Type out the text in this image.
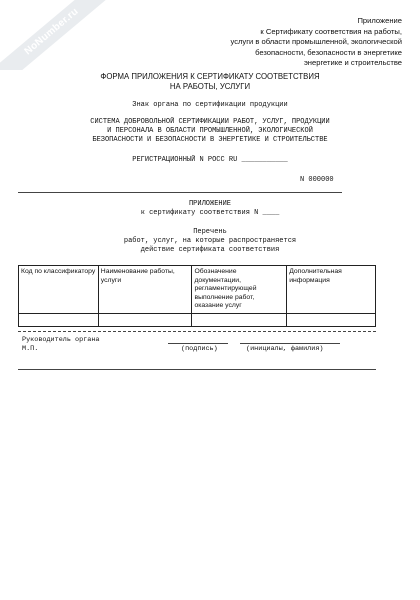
NoNumber.ru	Приложение
к Сертификату соответствия на работы,
услуги в области промышленной, экологической
безопасности, безопасности в энергетике
энергетике и строительстве
ФОРМА ПРИЛОЖЕНИЯ К СЕРТИФИКАТУ СООТВЕТСТВИЯ
НА РАБОТЫ, УСЛУГИ
Знак органа по сертификации продукции
СИСТЕМА ДОБРОВОЛЬНОЙ СЕРТИФИКАЦИИ РАБОТ, УСЛУГ, ПРОДУКЦИИ
И ПЕРСОНАЛА В ОБЛАСТИ ПРОМЫШЛЕННОЙ, ЭКОЛОГИЧЕСКОЙ
БЕЗОПАСНОСТИ И БЕЗОПАСНОСТИ В ЭНЕРГЕТИКЕ И СТРОИТЕЛЬСТВЕ
РЕГИСТРАЦИОННЫЙ N РОСС RU ___________
N 000000
ПРИЛОЖЕНИЕ
к сертификату соответствия N ____
Перечень
работ, услуг, на которые распространяется
действие сертификата соответствия
Код по классификатору	Наименование работы, услуги	Обозначение документации, регламентирующей выполнение работ, оказание услуг	Дополнительная информация

Руководитель органа
М.П.	(подпись)	(инициалы, фамилия)
